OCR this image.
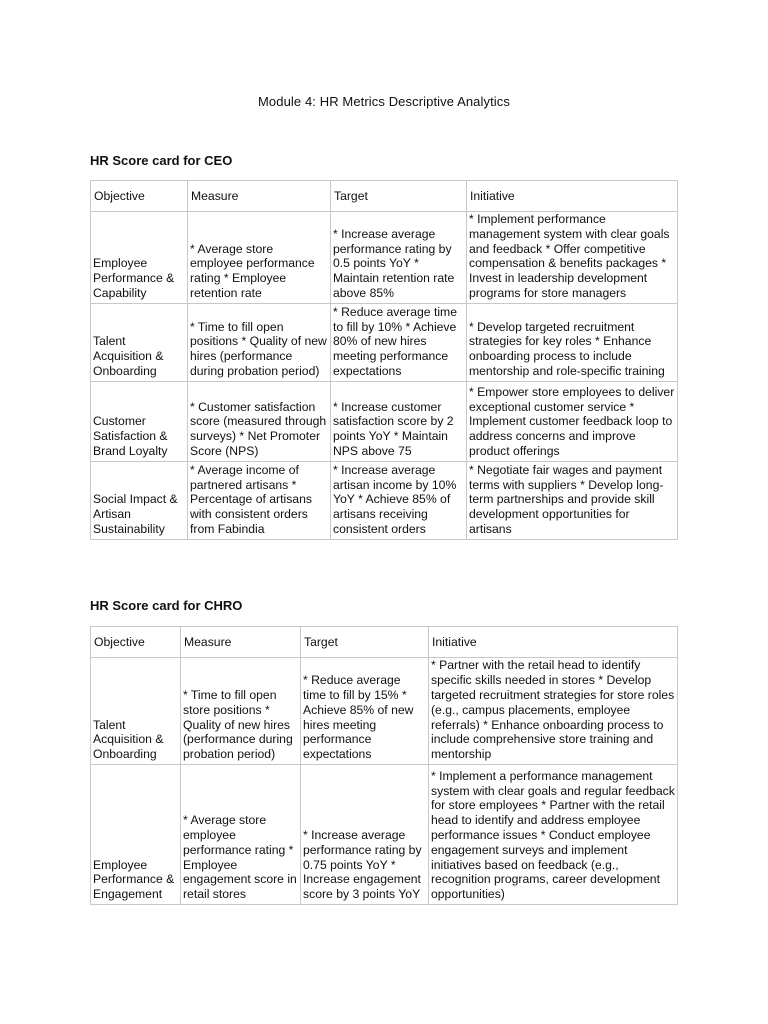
Module 4: HR Metrics Descriptive Analytics
HR Score card for CEO
Objective	Measure	Target	Initiative
Employee Performance & Capability	* Average store employee performance rating * Employee retention rate	* Increase average performance rating by 0.5 points YoY * Maintain retention rate above 85%	* Implement performance management system with clear goals and feedback * Offer competitive compensation & benefits packages * Invest in leadership development programs for store managers
Talent Acquisition & Onboarding	* Time to fill open positions * Quality of new hires (performance during probation period)	* Reduce average time to fill by 10% * Achieve 80% of new hires meeting performance expectations	* Develop targeted recruitment strategies for key roles * Enhance onboarding process to include mentorship and role-specific training
Customer Satisfaction & Brand Loyalty	* Customer satisfaction score (measured through surveys) * Net Promoter Score (NPS)	* Increase customer satisfaction score by 2 points YoY * Maintain NPS above 75	* Empower store employees to deliver exceptional customer service * Implement customer feedback loop to address concerns and improve product offerings
Social Impact & Artisan Sustainability	* Average income of partnered artisans * Percentage of artisans with consistent orders from Fabindia	* Increase average artisan income by 10% YoY * Achieve 85% of artisans receiving consistent orders	* Negotiate fair wages and payment terms with suppliers * Develop long-term partnerships and provide skill development opportunities for artisans
HR Score card for CHRO
Objective	Measure	Target	Initiative
Talent Acquisition & Onboarding	* Time to fill open store positions * Quality of new hires (performance during probation period)	* Reduce average time to fill by 15% * Achieve 85% of new hires meeting performance expectations	* Partner with the retail head to identify specific skills needed in stores * Develop targeted recruitment strategies for store roles (e.g., campus placements, employee referrals) * Enhance onboarding process to include comprehensive store training and mentorship
Employee Performance & Engagement	* Average store employee performance rating * Employee engagement score in retail stores	* Increase average performance rating by 0.75 points YoY * Increase engagement score by 3 points YoY	* Implement a performance management system with clear goals and regular feedback for store employees * Partner with the retail head to identify and address employee performance issues * Conduct employee engagement surveys and implement initiatives based on feedback (e.g., recognition programs, career development opportunities)
